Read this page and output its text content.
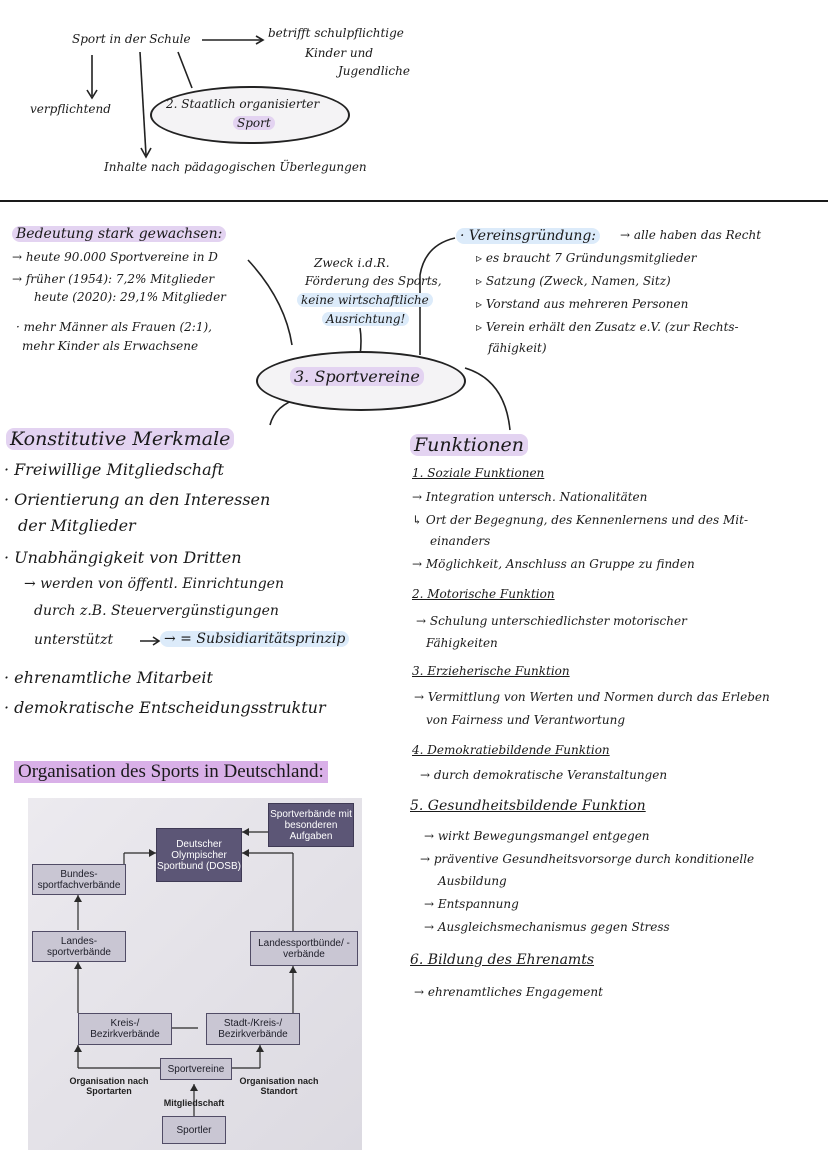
Sport in der Schule	betrifft schulpflichtige
Kinder und
Jugendliche
verpflichtend	2. Staatlich organisierter
Sport
Inhalte nach pädagogischen Überlegungen
Bedeutung stark gewachsen:
→ heute 90.000 Sportvereine in D
→ früher (1954): 7,2% Mitglieder
heute (2020): 29,1% Mitglieder
· mehr Männer als Frauen (2:1),
mehr Kinder als Erwachsene
Zweck i.d.R.
Förderung des Sports,
keine wirtschaftliche
Ausrichtung!
3. Sportvereine
· Vereinsgründung:	→ alle haben das Recht
▹ es braucht 7 Gründungsmitglieder
▹ Satzung (Zweck, Namen, Sitz)
▹ Vorstand aus mehreren Personen
▹ Verein erhält den Zusatz e.V. (zur Rechts-
fähigkeit)
Konstitutive Merkmale
· Freiwillige Mitgliedschaft
· Orientierung an den Interessen
der Mitglieder
· Unabhängigkeit von Dritten
→ werden von öffentl. Einrichtungen
durch z.B. Steuervergünstigungen
unterstützt	→ = Subsidiaritätsprinzip
· ehrenamtliche Mitarbeit
· demokratische Entscheidungsstruktur
Funktionen
1. Soziale Funktionen
→ Integration untersch. Nationalitäten
↳ Ort der Begegnung, des Kennenlernens und des Mit-
einanders
→ Möglichkeit, Anschluss an Gruppe zu finden
2. Motorische Funktion
→ Schulung unterschiedlichster motorischer
Fähigkeiten
3. Erzieherische Funktion
→ Vermittlung von Werten und Normen durch das Erleben
von Fairness und Verantwortung
4. Demokratiebildende Funktion
→ durch demokratische Veranstaltungen
5. Gesundheitsbildende Funktion
→ wirkt Bewegungsmangel entgegen
→ präventive Gesundheitsvorsorge durch konditionelle
Ausbildung
→ Entspannung
→ Ausgleichsmechanismus gegen Stress
6. Bildung des Ehrenamts
→ ehrenamtliches Engagement
Organisation des Sports in Deutschland:
Deutscher Olympischer Sportbund (DOSB)
Sportverbände mit besonderen Aufgaben
Bundes-sportfachverbände
Landes-sportverbände
Landessportbünde/ -verbände
Kreis-/ Bezirkverbände
Stadt-/Kreis-/ Bezirkverbände
Sportvereine
Sportler
Organisation nach Sportarten
Organisation nach Standort
Mitgliedschaft
